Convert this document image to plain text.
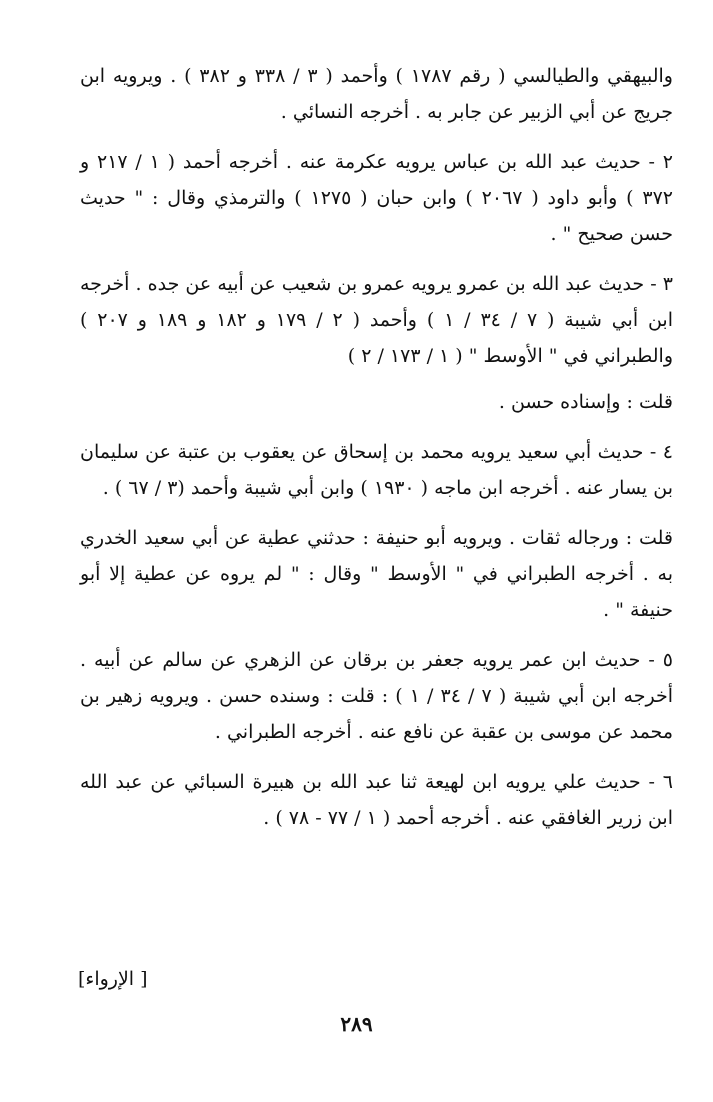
والبيهقي والطيالسي ( رقم ١٧٨٧ ) وأحمد ( ٣ / ٣٣٨ و ٣٨٢ ) . ويرويه ابن جريج عن أبي الزبير عن جابر به . أخرجه النسائي .

٢ - حديث عبد الله بن عباس يرويه عكرمة عنه . أخرجه أحمد ( ١ / ٢١٧ و ٣٧٢ ) وأبو داود ( ٢٠٦٧ ) وابن حبان ( ١٢٧٥ ) والترمذي وقال : " حديث حسن صحيح " .

٣ - حديث عبد الله بن عمرو يرويه عمرو بن شعيب عن أبيه عن جده . أخرجه ابن أبي شيبة ( ٧ / ٣٤ / ١ ) وأحمد ( ٢ / ١٧٩ و ١٨٢ و ١٨٩ و ٢٠٧ ) والطبراني في " الأوسط " ( ١ / ١٧٣ / ٢ )

قلت : وإسناده حسن .

٤ - حديث أبي سعيد يرويه محمد بن إسحاق عن يعقوب بن عتبة عن سليمان بن يسار عنه . أخرجه ابن ماجه ( ١٩٣٠ ) وابن أبي شيبة وأحمد (٣ / ٦٧ ) .

قلت : ورجاله ثقات . ويرويه أبو حنيفة : حدثني عطية عن أبي سعيد الخدري به . أخرجه الطبراني في " الأوسط " وقال : " لم يروه عن عطية إلا أبو حنيفة " .

٥ - حديث ابن عمر يرويه جعفر بن برقان عن الزهري عن سالم عن أبيه . أخرجه ابن أبي شيبة ( ٧ / ٣٤ / ١ ) : قلت : وسنده حسن . ويرويه زهير بن محمد عن موسى بن عقبة عن نافع عنه . أخرجه الطبراني .

٦ - حديث علي يرويه ابن لهيعة ثنا عبد الله بن هبيرة السبائي عن عبد الله ابن زرير الغافقي عنه . أخرجه أحمد ( ١ / ٧٧ - ٧٨ ) .

[ الإرواء]
٢٨٩
